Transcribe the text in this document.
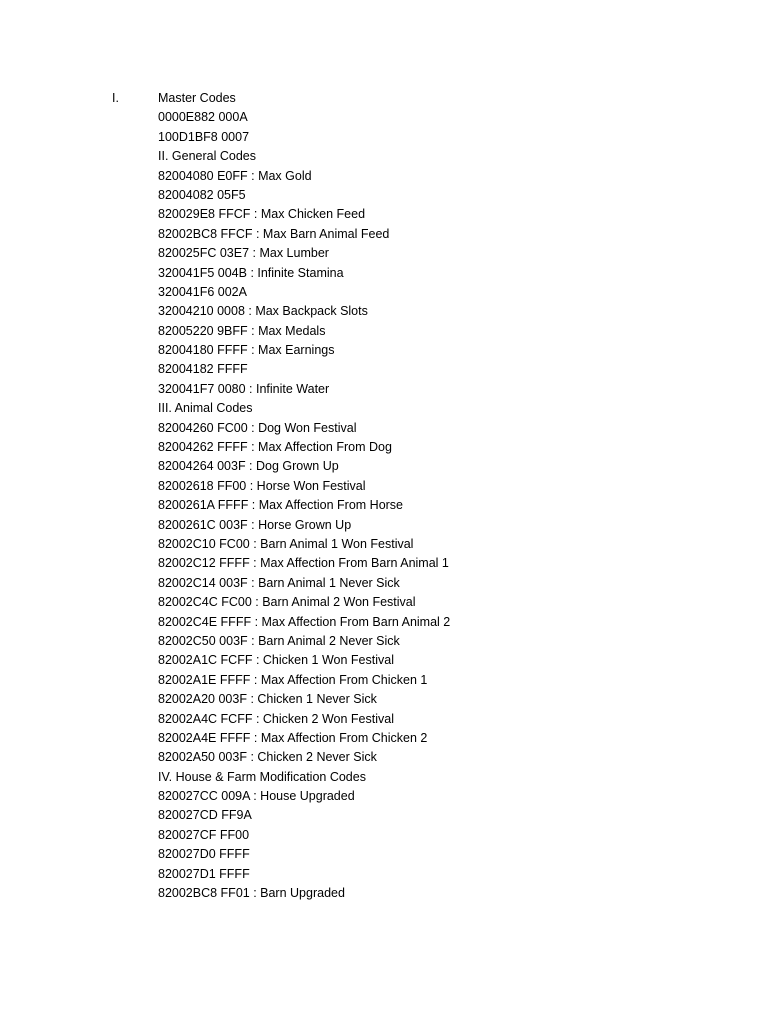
I.	Master Codes
0000E882 000A
100D1BF8 0007
II. General Codes
82004080 E0FF : Max Gold
82004082 05F5
820029E8 FFCF : Max Chicken Feed
82002BC8 FFCF : Max Barn Animal Feed
820025FC 03E7 : Max Lumber
320041F5 004B : Infinite Stamina
320041F6 002A
32004210 0008 : Max Backpack Slots
82005220 9BFF : Max Medals
82004180 FFFF : Max Earnings
82004182 FFFF
320041F7 0080 : Infinite Water
III. Animal Codes
82004260 FC00 : Dog Won Festival
82004262 FFFF : Max Affection From Dog
82004264 003F : Dog Grown Up
82002618 FF00 : Horse Won Festival
8200261A FFFF : Max Affection From Horse
8200261C 003F : Horse Grown Up
82002C10 FC00 : Barn Animal 1 Won Festival
82002C12 FFFF : Max Affection From Barn Animal 1
82002C14 003F : Barn Animal 1 Never Sick
82002C4C FC00 : Barn Animal 2 Won Festival
82002C4E FFFF : Max Affection From Barn Animal 2
82002C50 003F : Barn Animal 2 Never Sick
82002A1C FCFF : Chicken 1 Won Festival
82002A1E FFFF : Max Affection From Chicken 1
82002A20 003F : Chicken 1 Never Sick
82002A4C FCFF : Chicken 2 Won Festival
82002A4E FFFF : Max Affection From Chicken 2
82002A50 003F : Chicken 2 Never Sick
IV. House & Farm Modification Codes
820027CC 009A : House Upgraded
820027CD FF9A
820027CF FF00
820027D0 FFFF
820027D1 FFFF
82002BC8 FF01 : Barn Upgraded
